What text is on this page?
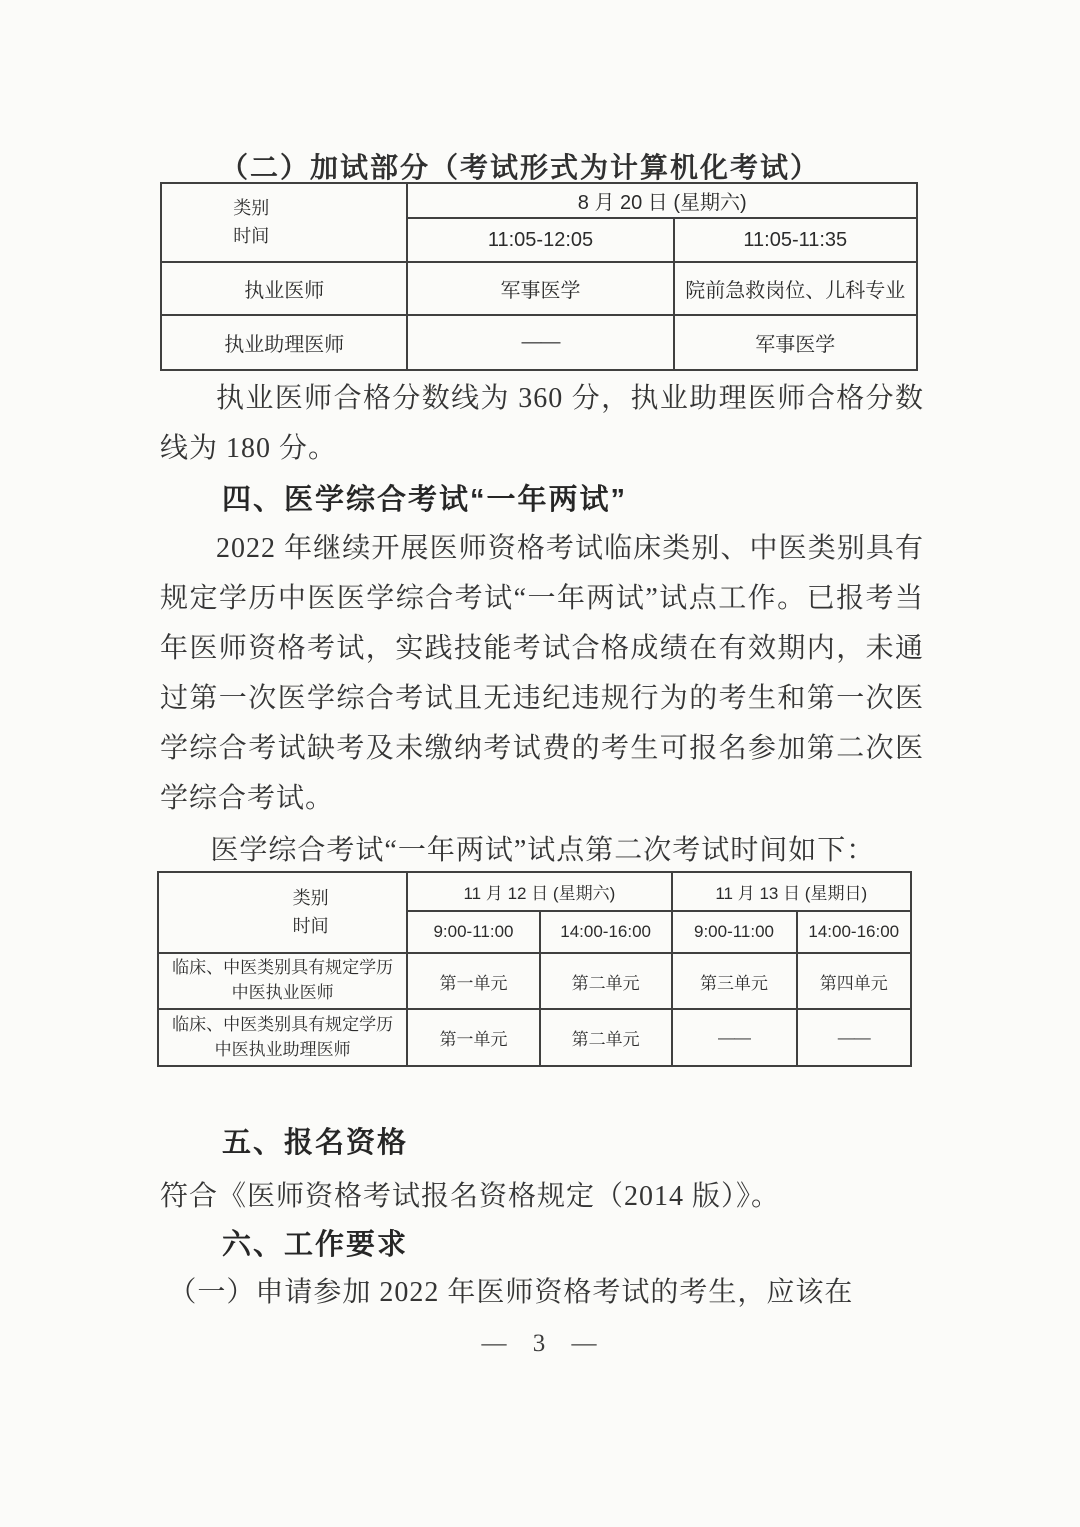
（二）加试部分（考试形式为计算机化考试）
类别
时间	8 月 20 日 (星期六)	
	11:05-12:05	11:05-11:35
执业医师	军事医学	院前急救岗位、儿科专业
执业助理医师	——	军事医学
执业医师合格分数线为 360 分，执业助理医师合格分数线为 180 分。
四、医学综合考试“一年两试”
2022 年继续开展医师资格考试临床类别、中医类别具有规定学历中医医学综合考试“一年两试”试点工作。已报考当年医师资格考试，实践技能考试合格成绩在有效期内，未通过第一次医学综合考试且无违纪违规行为的考生和第一次医学综合考试缺考及未缴纳考试费的考生可报名参加第二次医学综合考试。
医学综合考试“一年两试”试点第二次考试时间如下：
类别
时间	11 月 12 日 (星期六)		11 月 13 日 (星期日)	
	9:00-11:00	14:00-16:00	9:00-11:00	14:00-16:00
临床、中医类别具有规定学历
中医执业医师	第一单元	第二单元	第三单元	第四单元
临床、中医类别具有规定学历
中医执业助理医师	第一单元	第二单元	——	——
五、报名资格
符合《医师资格考试报名资格规定（2014 版）》。
六、工作要求
（一）申请参加 2022 年医师资格考试的考生，应该在
— 3 —
